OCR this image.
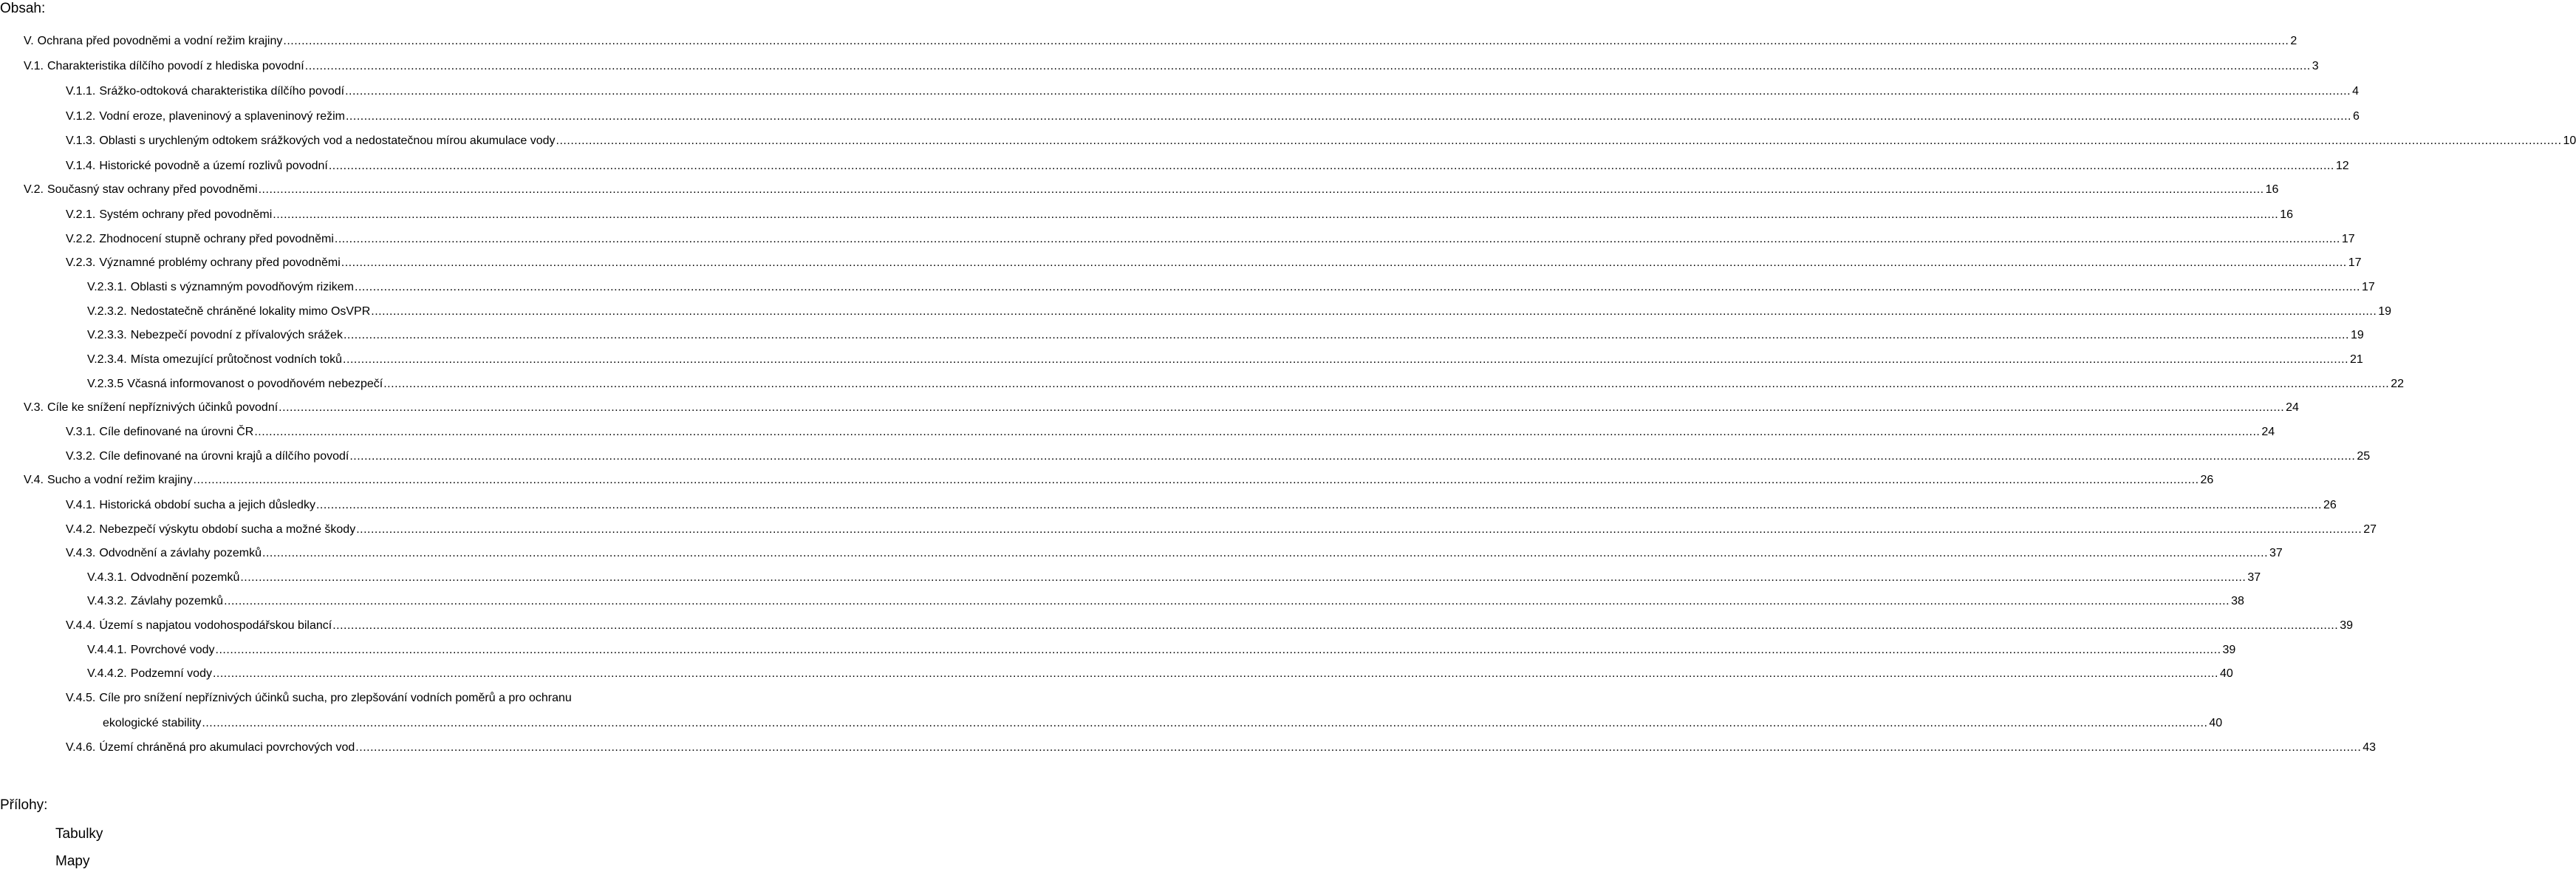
Obsah:
V. Ochrana před povodněmi a vodní režim krajiny .....	2
V.1. Charakteristika dílčího povodí z hlediska povodní .....	3
V.1.1. Srážko-odtoková charakteristika dílčího povodí .....	4
V.1.2. Vodní eroze, plaveninový a splaveninový režim .....	6
V.1.3. Oblasti s urychleným odtokem srážkových vod a nedostatečnou mírou akumulace vody .....	10
V.1.4. Historické povodně a území rozlivů povodní .....	12
V.2. Současný stav ochrany před povodněmi .....	16
V.2.1. Systém ochrany před povodněmi .....	16
V.2.2. Zhodnocení stupně ochrany před povodněmi .....	17
V.2.3. Významné problémy ochrany před povodněmi .....	17
V.2.3.1. Oblasti s významným povodňovým rizikem .....	17
V.2.3.2. Nedostatečně chráněné lokality mimo OsVPR .....	19
V.2.3.3. Nebezpečí povodní z přívalových srážek .....	19
V.2.3.4. Místa omezující průtočnost vodních toků .....	21
V.2.3.5 Včasná informovanost o povodňovém nebezpečí .....	22
V.3. Cíle ke snížení nepříznivých účinků povodní .....	24
V.3.1. Cíle definované na úrovni ČR .....	24
V.3.2. Cíle definované na úrovni krajů a dílčího povodí .....	25
V.4. Sucho a vodní režim krajiny .....	26
V.4.1. Historická období sucha a jejich důsledky .....	26
V.4.2. Nebezpečí výskytu období sucha a možné škody .....	27
V.4.3. Odvodnění a závlahy pozemků .....	37
V.4.3.1. Odvodnění pozemků .....	37
V.4.3.2. Závlahy pozemků .....	38
V.4.4. Území s napjatou vodohospodářskou bilancí .....	39
V.4.4.1. Povrchové vody .....	39
V.4.4.2. Podzemní vody .....	40
V.4.5. Cíle pro snížení nepříznivých účinků sucha, pro zlepšování vodních poměrů a pro ochranu
ekologické stability .....	40
V.4.6. Území chráněná pro akumulaci povrchových vod .....	43
Přílohy:
Tabulky
Mapy
